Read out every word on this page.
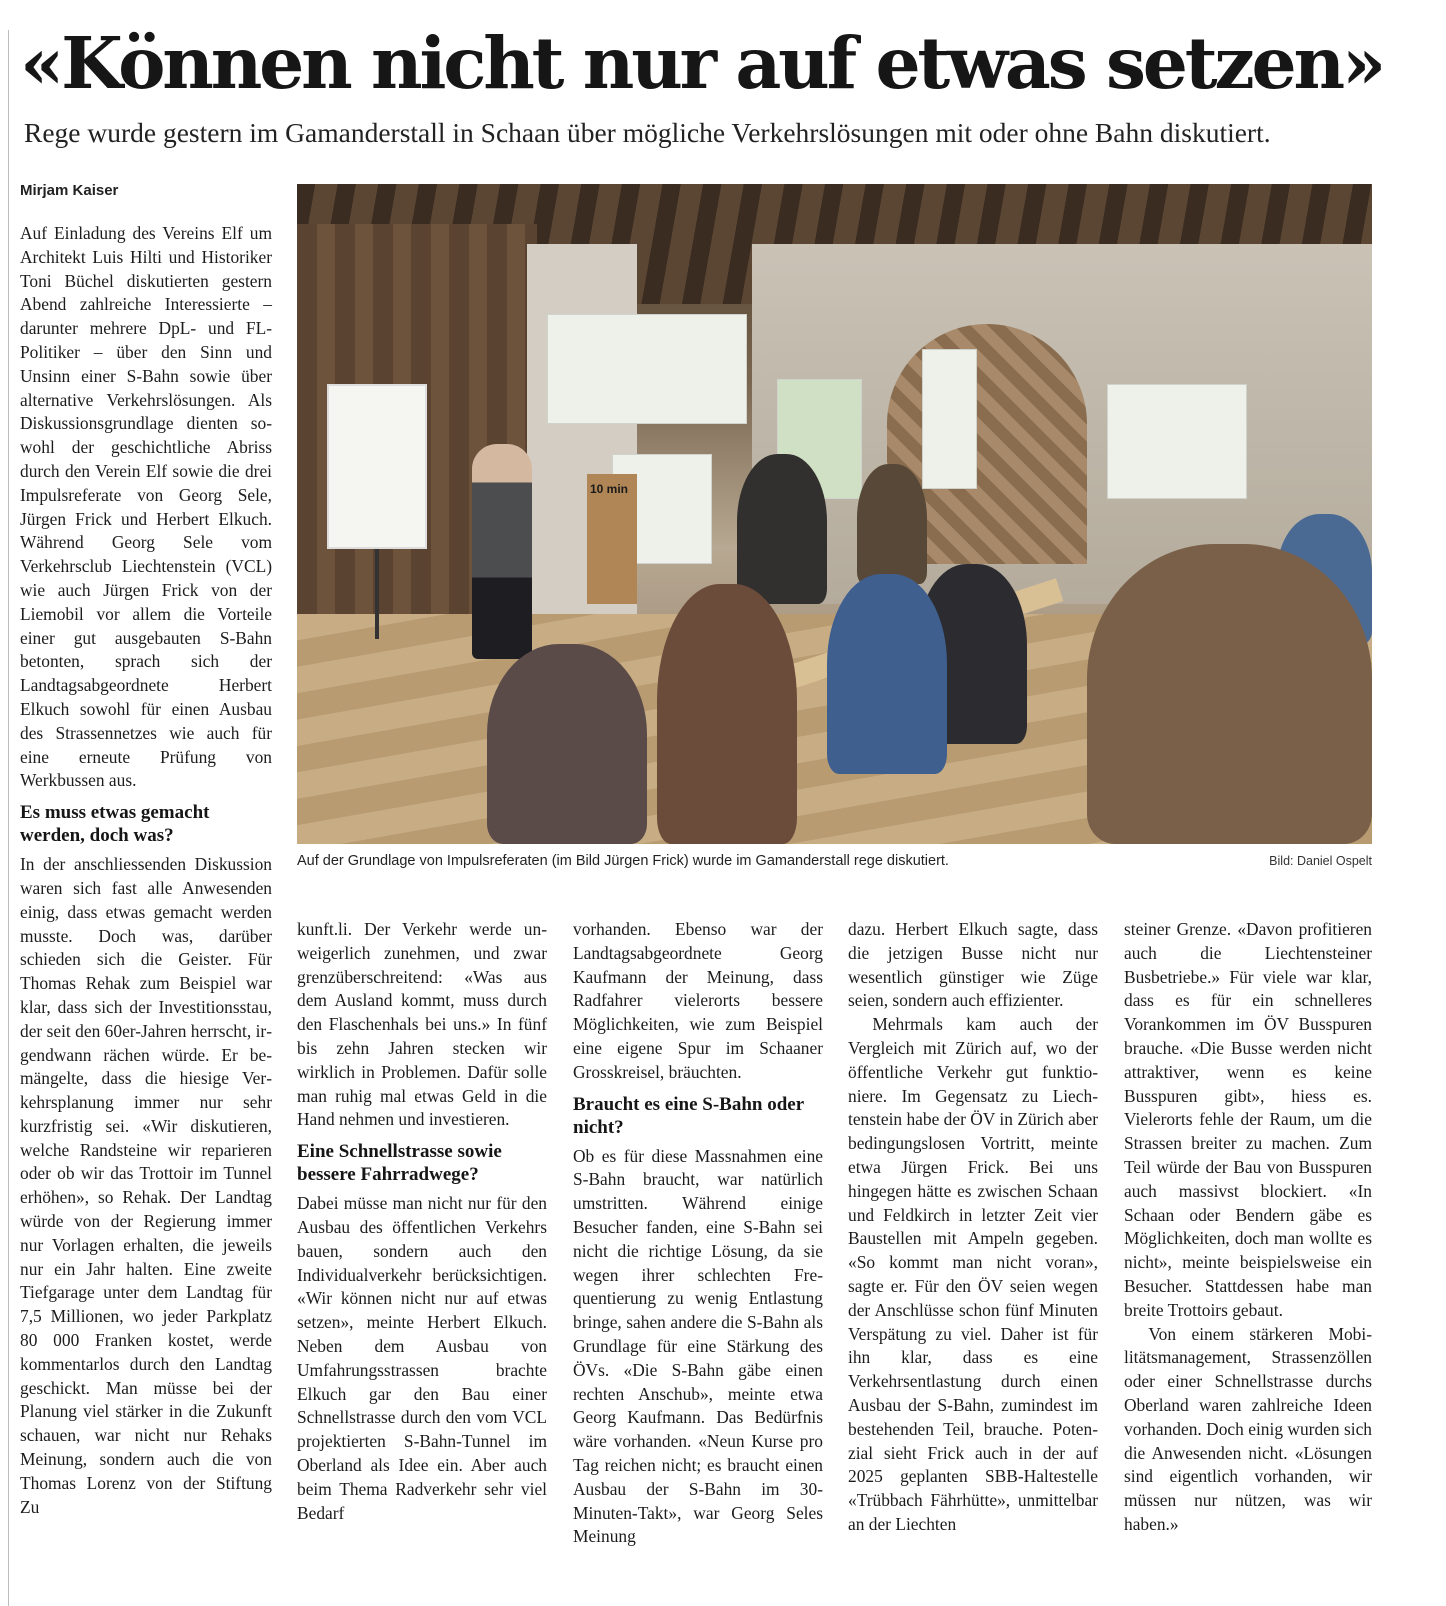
«Können nicht nur auf etwas setzen»
Rege wurde gestern im Gamanderstall in Schaan über mögliche Verkehrslösungen mit oder ohne Bahn diskutiert.
Mirjam Kaiser

Auf Einladung des Vereins Elf um Architekt Luis Hilti und Historiker Toni Büchel diskutierten gestern Abend zahlreiche Interessierte – darunter mehrere DpL- und FL-Politiker – über den Sinn und Unsinn einer S-Bahn sowie über alternative Verkehrslösungen. Als Diskussionsgrundlage dienten sowohl der geschichtliche Abriss durch den Verein Elf sowie die drei Impulsreferate von Georg Sele, Jürgen Frick und Herbert Elkuch. Während Georg Sele vom Verkehrsclub Liechtenstein (VCL) wie auch Jürgen Frick von der Liemobil vor allem die Vorteile einer gut ausgebauten S-Bahn betonten, sprach sich der Landtagsabgeordnete Herbert Elkuch sowohl für einen Ausbau des Strassennetzes wie auch für eine erneute Prüfung von Werkbussen aus.

Es muss etwas gemacht werden, doch was?

In der anschliessenden Diskussion waren sich fast alle Anwesenden einig, dass etwas gemacht werden musste. Doch was, darüber schieden sich die Geister. Für Thomas Rehak zum Beispiel war klar, dass sich der Investitionsstau, der seit den 60er-Jahren herrscht, irgendwann rächen würde. Er bemängelte, dass die hiesige Verkehrsplanung immer nur sehr kurzfristig sei. «Wir diskutieren, welche Randsteine wir reparieren oder ob wir das Trottoir im Tunnel erhöhen», so Rehak. Der Landtag würde von der Regierung immer nur Vorlagen erhalten, die jeweils nur ein Jahr halten. Eine zweite Tiefgarage unter dem Landtag für 7,5 Millionen, wo jeder Parkplatz 80 000 Franken kostet, werde kommentarlos durch den Landtag geschickt. Man müsse bei der Planung viel stärker in die Zukunft schauen, war nicht nur Rehaks Meinung, sondern auch die von Thomas Lorenz von der Stiftung Zu

10 min
Auf der Grundlage von Impulsreferaten (im Bild Jürgen Frick) wurde im Gamanderstall rege diskutiert.	Bild: Daniel Ospelt

kunft.li. Der Verkehr werde unweigerlich zunehmen, und zwar grenzüberschreitend: «Was aus dem Ausland kommt, muss durch den Flaschenhals bei uns.» In fünf bis zehn Jahren stecken wir wirklich in Problemen. Dafür solle man ruhig mal etwas Geld in die Hand nehmen und investieren.

Eine Schnellstrasse sowie bessere Fahrradwege?

Dabei müsse man nicht nur für den Ausbau des öffentlichen Verkehrs bauen, sondern auch den Individualverkehr berücksichtigen. «Wir können nicht nur auf etwas setzen», meinte Herbert Elkuch. Neben dem Ausbau von Umfahrungsstrassen brachte Elkuch gar den Bau einer Schnellstrasse durch den vom VCL projektierten S-Bahn-Tunnel im Oberland als Idee ein. Aber auch beim Thema Radverkehr sehr viel Bedarf

vorhanden. Ebenso war der Landtagsabgeordnete Georg Kaufmann der Meinung, dass Radfahrer vielerorts bessere Möglichkeiten, wie zum Beispiel eine eigene Spur im Schaaner Grosskreisel, bräuchten.

Braucht es eine S-Bahn oder nicht?

Ob es für diese Massnahmen eine S-Bahn braucht, war natürlich umstritten. Während einige Besucher fanden, eine S-Bahn sei nicht die richtige Lösung, da sie wegen ihrer schlechten Frequentierung zu wenig Entlastung bringe, sahen andere die S-Bahn als Grundlage für eine Stärkung des ÖVs. «Die S-Bahn gäbe einen rechten Anschub», meinte etwa Georg Kaufmann. Das Bedürfnis wäre vorhanden. «Neun Kurse pro Tag reichen nicht; es braucht einen Ausbau der S-Bahn im 30-Minuten-Takt», war Georg Seles Meinung

dazu. Herbert Elkuch sagte, dass die jetzigen Busse nicht nur wesentlich günstiger wie Züge seien, sondern auch effizienter.

Mehrmals kam auch der Vergleich mit Zürich auf, wo der öffentliche Verkehr gut funktioniere. Im Gegensatz zu Liechtenstein habe der ÖV in Zürich aber bedingungslosen Vortritt, meinte etwa Jürgen Frick. Bei uns hingegen hätte es zwischen Schaan und Feldkirch in letzter Zeit vier Baustellen mit Ampeln gegeben. «So kommt man nicht voran», sagte er. Für den ÖV seien wegen der Anschlüsse schon fünf Minuten Verspätung zu viel. Daher ist für ihn klar, dass es eine Verkehrsentlastung durch einen Ausbau der S-Bahn, zumindest im bestehenden Teil, brauche. Potenzial sieht Frick auch in der auf 2025 geplanten SBB-Haltestelle «Trübbach Fährhütte», unmittelbar an der Liechten

steiner Grenze. «Davon profitieren auch die Liechtensteiner Busbetriebe.» Für viele war klar, dass es für ein schnelleres Vorankommen im ÖV Busspuren brauche. «Die Busse werden nicht attraktiver, wenn es keine Busspuren gibt», hiess es. Vielerorts fehle der Raum, um die Strassen breiter zu machen. Zum Teil würde der Bau von Busspuren auch massivst blockiert. «In Schaan oder Bendern gäbe es Möglichkeiten, doch man wollte es nicht», meinte beispielsweise ein Besucher. Stattdessen habe man breite Trottoirs gebaut.

Von einem stärkeren Mobilitätsmanagement, Strassenzöllen oder einer Schnellstrasse durchs Oberland waren zahlreiche Ideen vorhanden. Doch einig wurden sich die Anwesenden nicht. «Lösungen sind eigentlich vorhanden, wir müssen nur nützen, was wir haben.»
